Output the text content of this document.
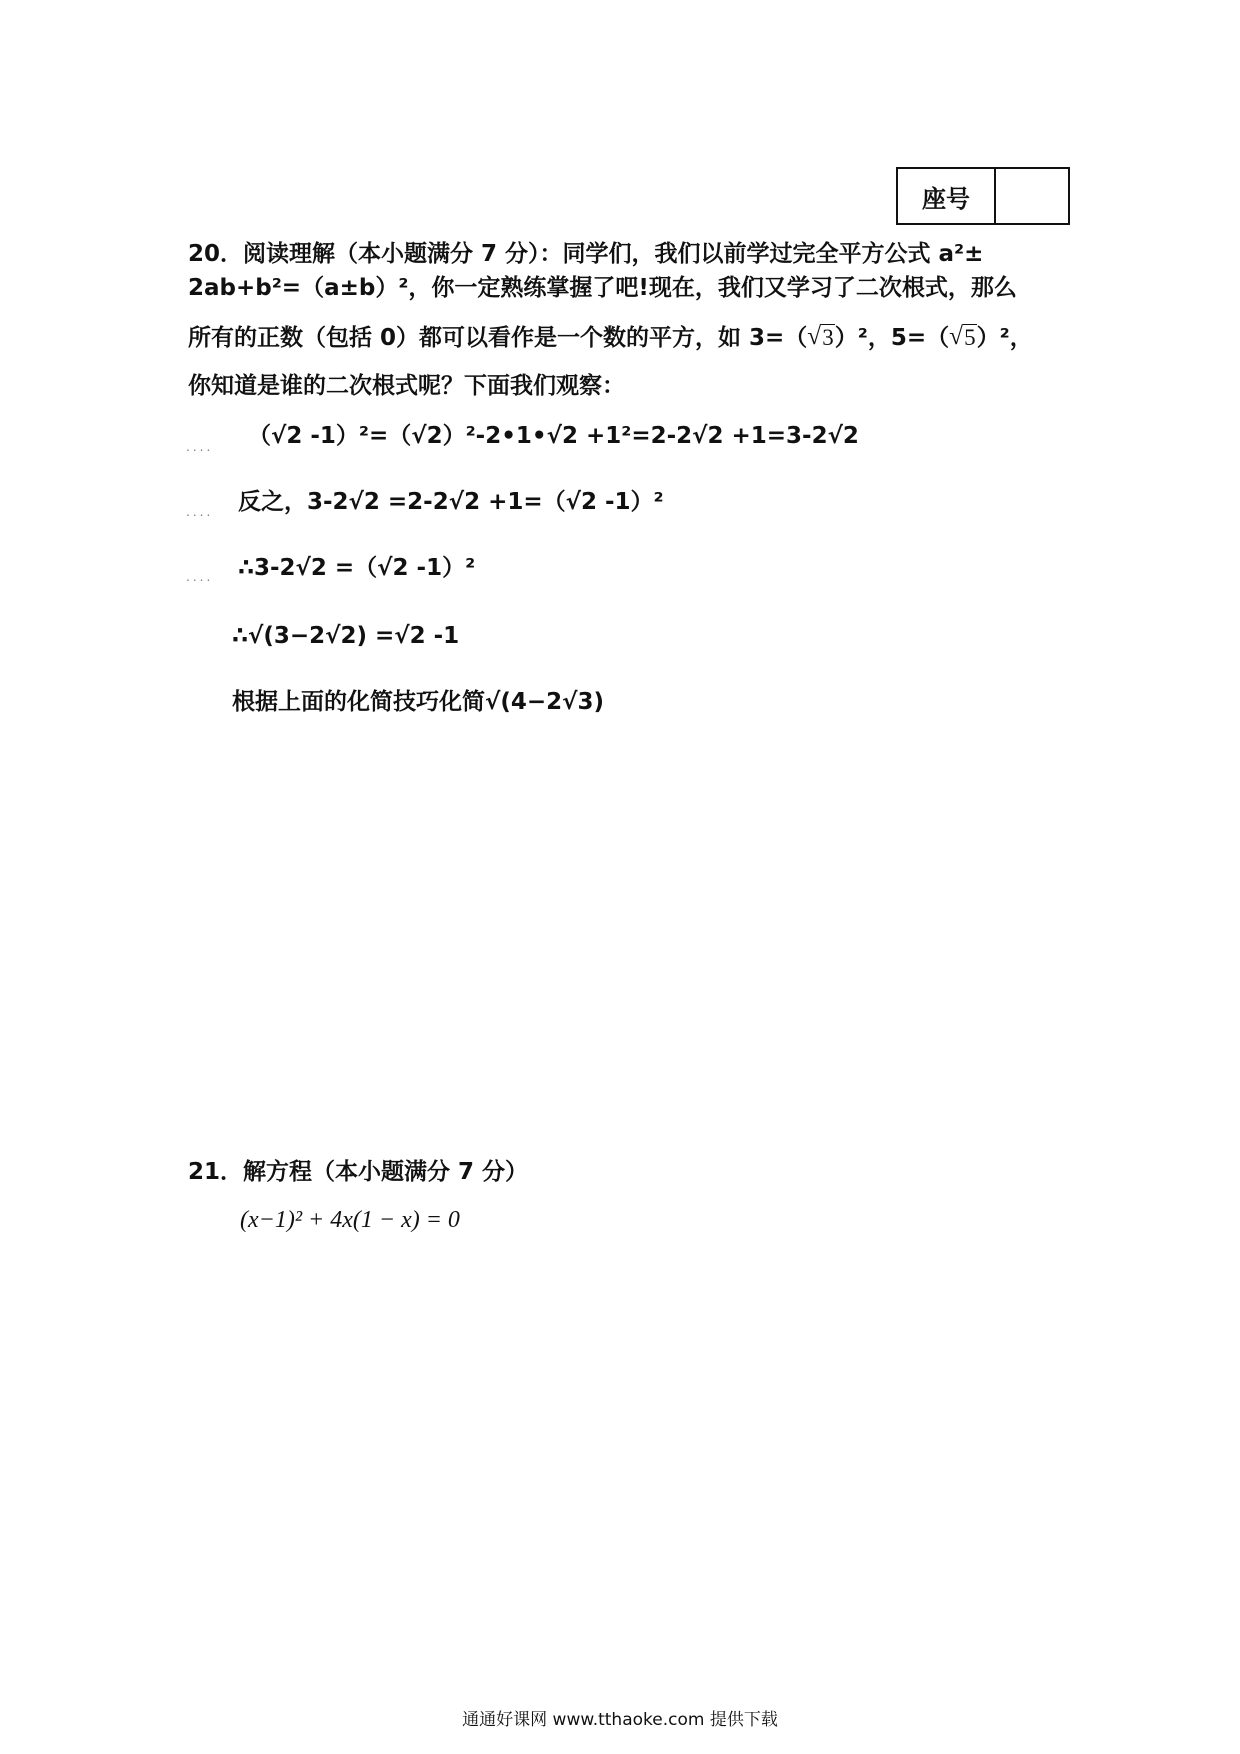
座号
20．阅读理解（本小题满分 7 分）：同学们，我们以前学过完全平方公式 a²±
2ab+b²=（a±b）²，你一定熟练掌握了吧!现在，我们又学习了二次根式，那么
所有的正数（包括 0）都可以看作是一个数的平方，如 3=（ √ 3）²，5=（ √ 5）²，
你知道是谁的二次根式呢？下面我们观察：
.... （√2 -1）²=（√2）²-2•1•√2 +1²=2-2√2 +1=3-2√2
.... 反之，3-2√2 =2-2√2 +1=（√2 -1）²
.... ∴3-2√2 =（√2 -1）²
∴√(3−2√2) =√2 -1
根据上面的化简技巧化简√(4−2√3)
21．解方程（本小题满分 7 分）
(x−1)² + 4x(1 − x) = 0
通通好课网 www.tthaoke.com 提供下载
